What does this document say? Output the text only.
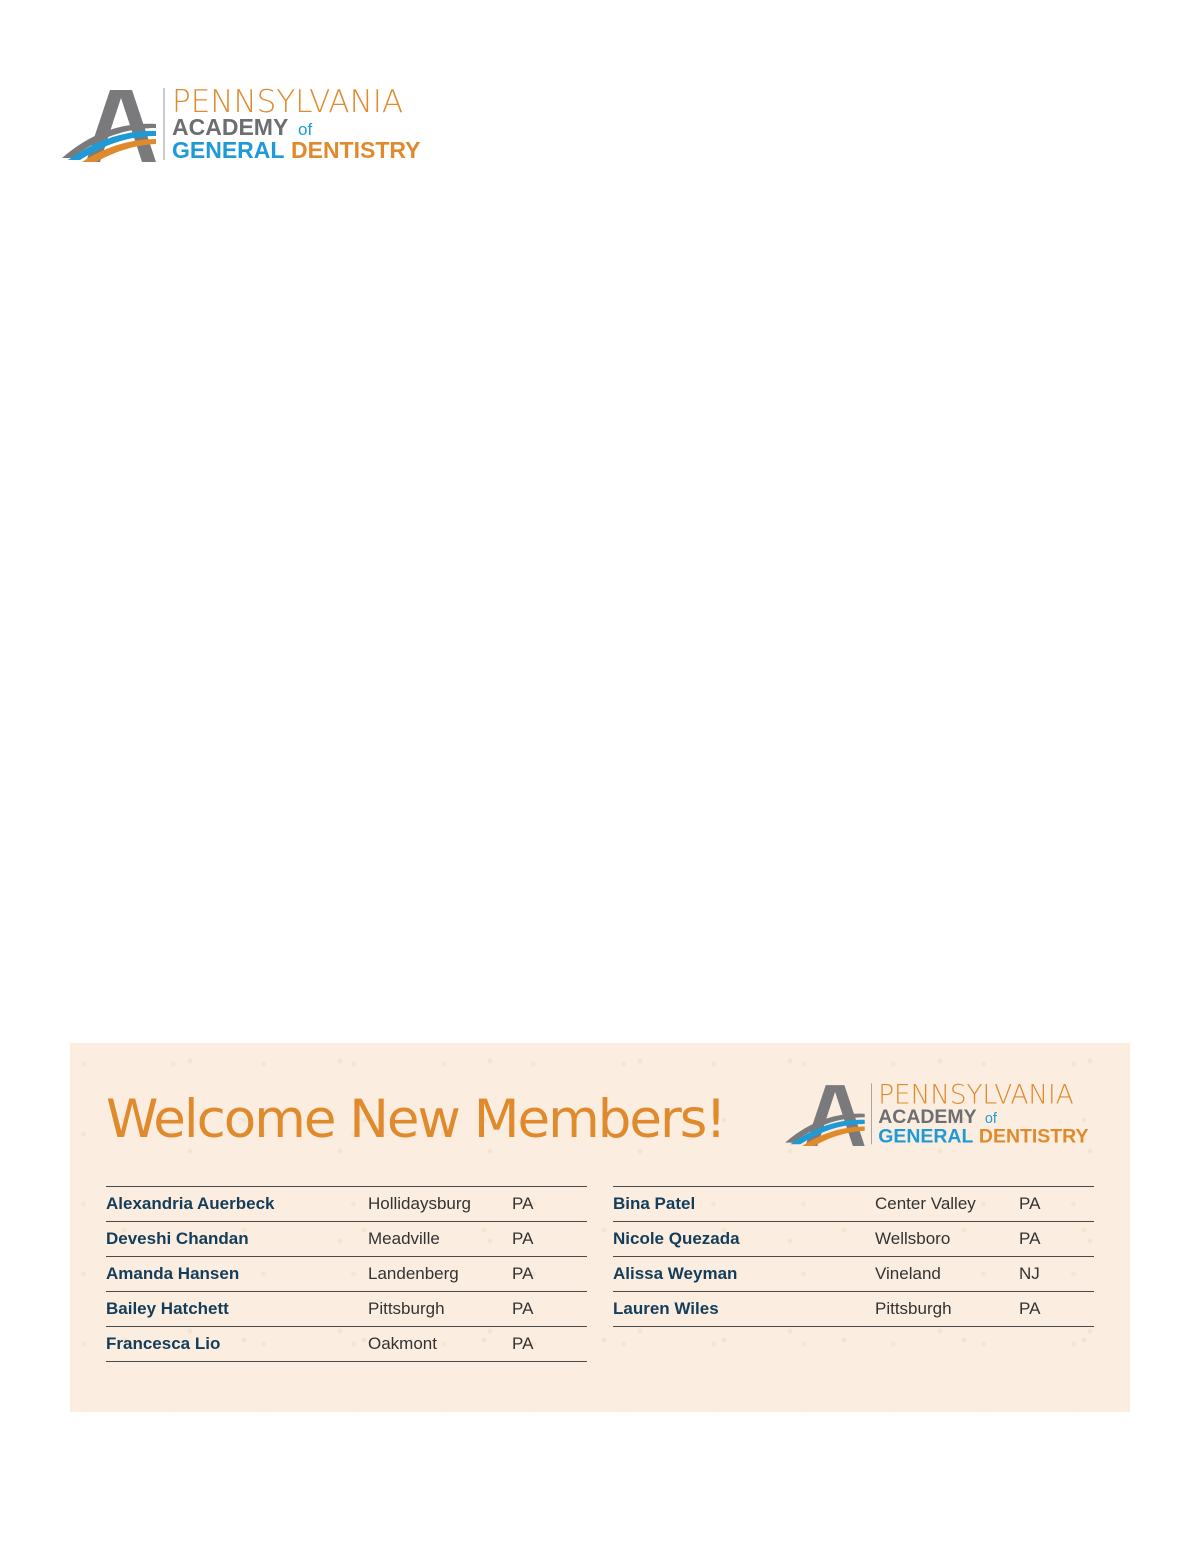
PENNSYLVANIA
ACADEMY of
GENERAL DENTISTRY
Welcome New Members!
Alexandria Auerbeck	Hollidaysburg PA
Deveshi Chandan	Meadville	PA
Amanda Hansen	Landenberg	PA
Bailey Hatchett	Pittsburgh	PA
Francesca Lio	Oakmont	PA
Bina Patel	Center Valley	PA
Nicole Quezada	Wellsboro	PA
Alissa Weyman	Vineland	NJ
Lauren Wiles	Pittsburgh	PA
PENNSYLVANIA
ACADEMY of
GENERAL DENTISTRY
